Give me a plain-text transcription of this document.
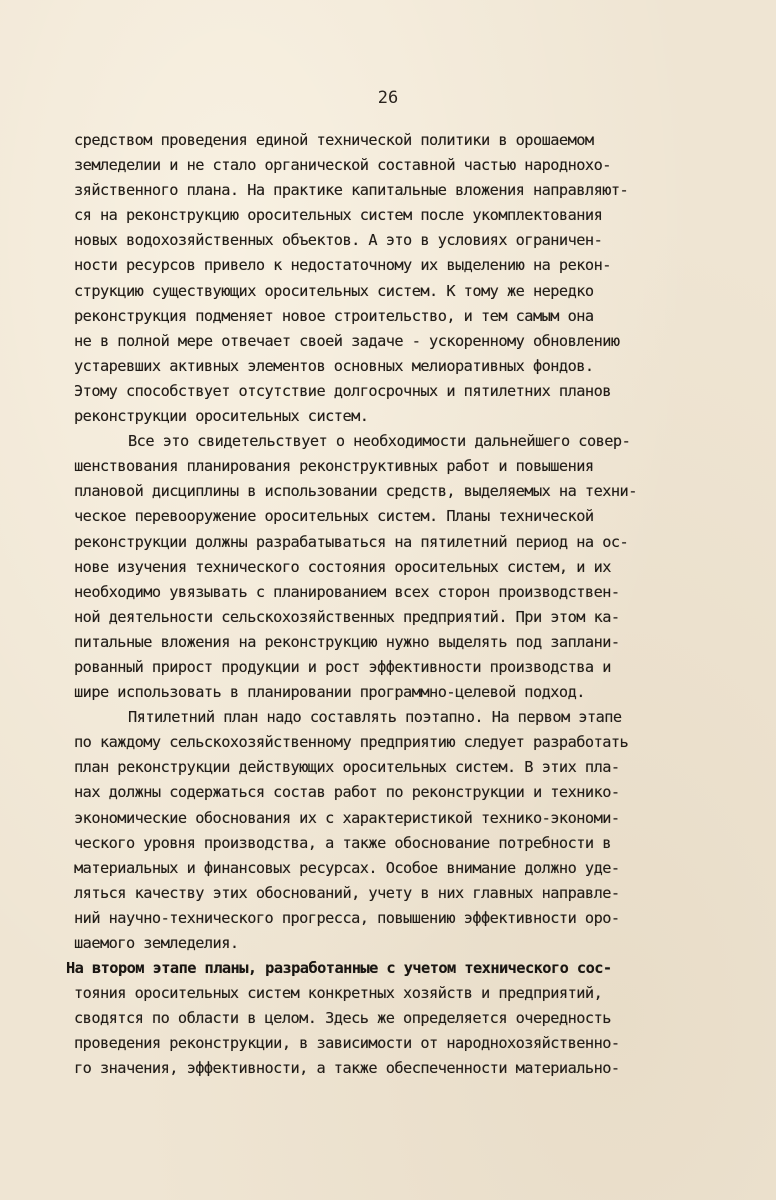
26
средством проведения единой технической политики в орошаемом
земледелии и не стало органической составной частью народнохо-
зяйственного плана. На практике капитальные вложения направляют-
ся на реконструкцию оросительных систем после укомплектования
новых водохозяйственных объектов. А это в условиях ограничен-
ности ресурсов привело к недостаточному их выделению на рекон-
струкцию существующих оросительных систем. К тому же нередко
реконструкция подменяет новое строительство, и тем самым она
не в полной мере отвечает своей задаче - ускоренному обновлению
устаревших активных элементов основных мелиоративных фондов.
Этому способствует отсутствие долгосрочных и пятилетних планов
реконструкции оросительных систем.
Все это свидетельствует о необходимости дальнейшего совер-
шенствования планирования реконструктивных работ и повышения
плановой дисциплины в использовании средств, выделяемых на техни-
ческое перевооружение оросительных систем. Планы технической
реконструкции должны разрабатываться на пятилетний период на ос-
нове изучения технического состояния оросительных систем, и их
необходимо увязывать с планированием всех сторон производствен-
ной деятельности сельскохозяйственных предприятий. При этом ка-
питальные вложения на реконструкцию нужно выделять под заплани-
рованный прирост продукции и рост эффективности производства и
шире использовать в планировании программно-целевой подход.
Пятилетний план надо составлять поэтапно. На первом этапе
по каждому сельскохозяйственному предприятию следует разработать
план реконструкции действующих оросительных систем. В этих пла-
нах должны содержаться состав работ по реконструкции и технико-
экономические обоснования их с характеристикой технико-экономи-
ческого уровня производства, а также обоснование потребности в
материальных и финансовых ресурсах. Особое внимание должно уде-
ляться качеству этих обоснований, учету в них главных направле-
ний научно-технического прогресса, повышению эффективности оро-
шаемого земледелия.
На втором этапе планы, разработанные с учетом технического сос-
тояния оросительных систем конкретных хозяйств и предприятий,
сводятся по области в целом. Здесь же определяется очередность
проведения реконструкции, в зависимости от народнохозяйственно-
го значения, эффективности, а также обеспеченности материально-
